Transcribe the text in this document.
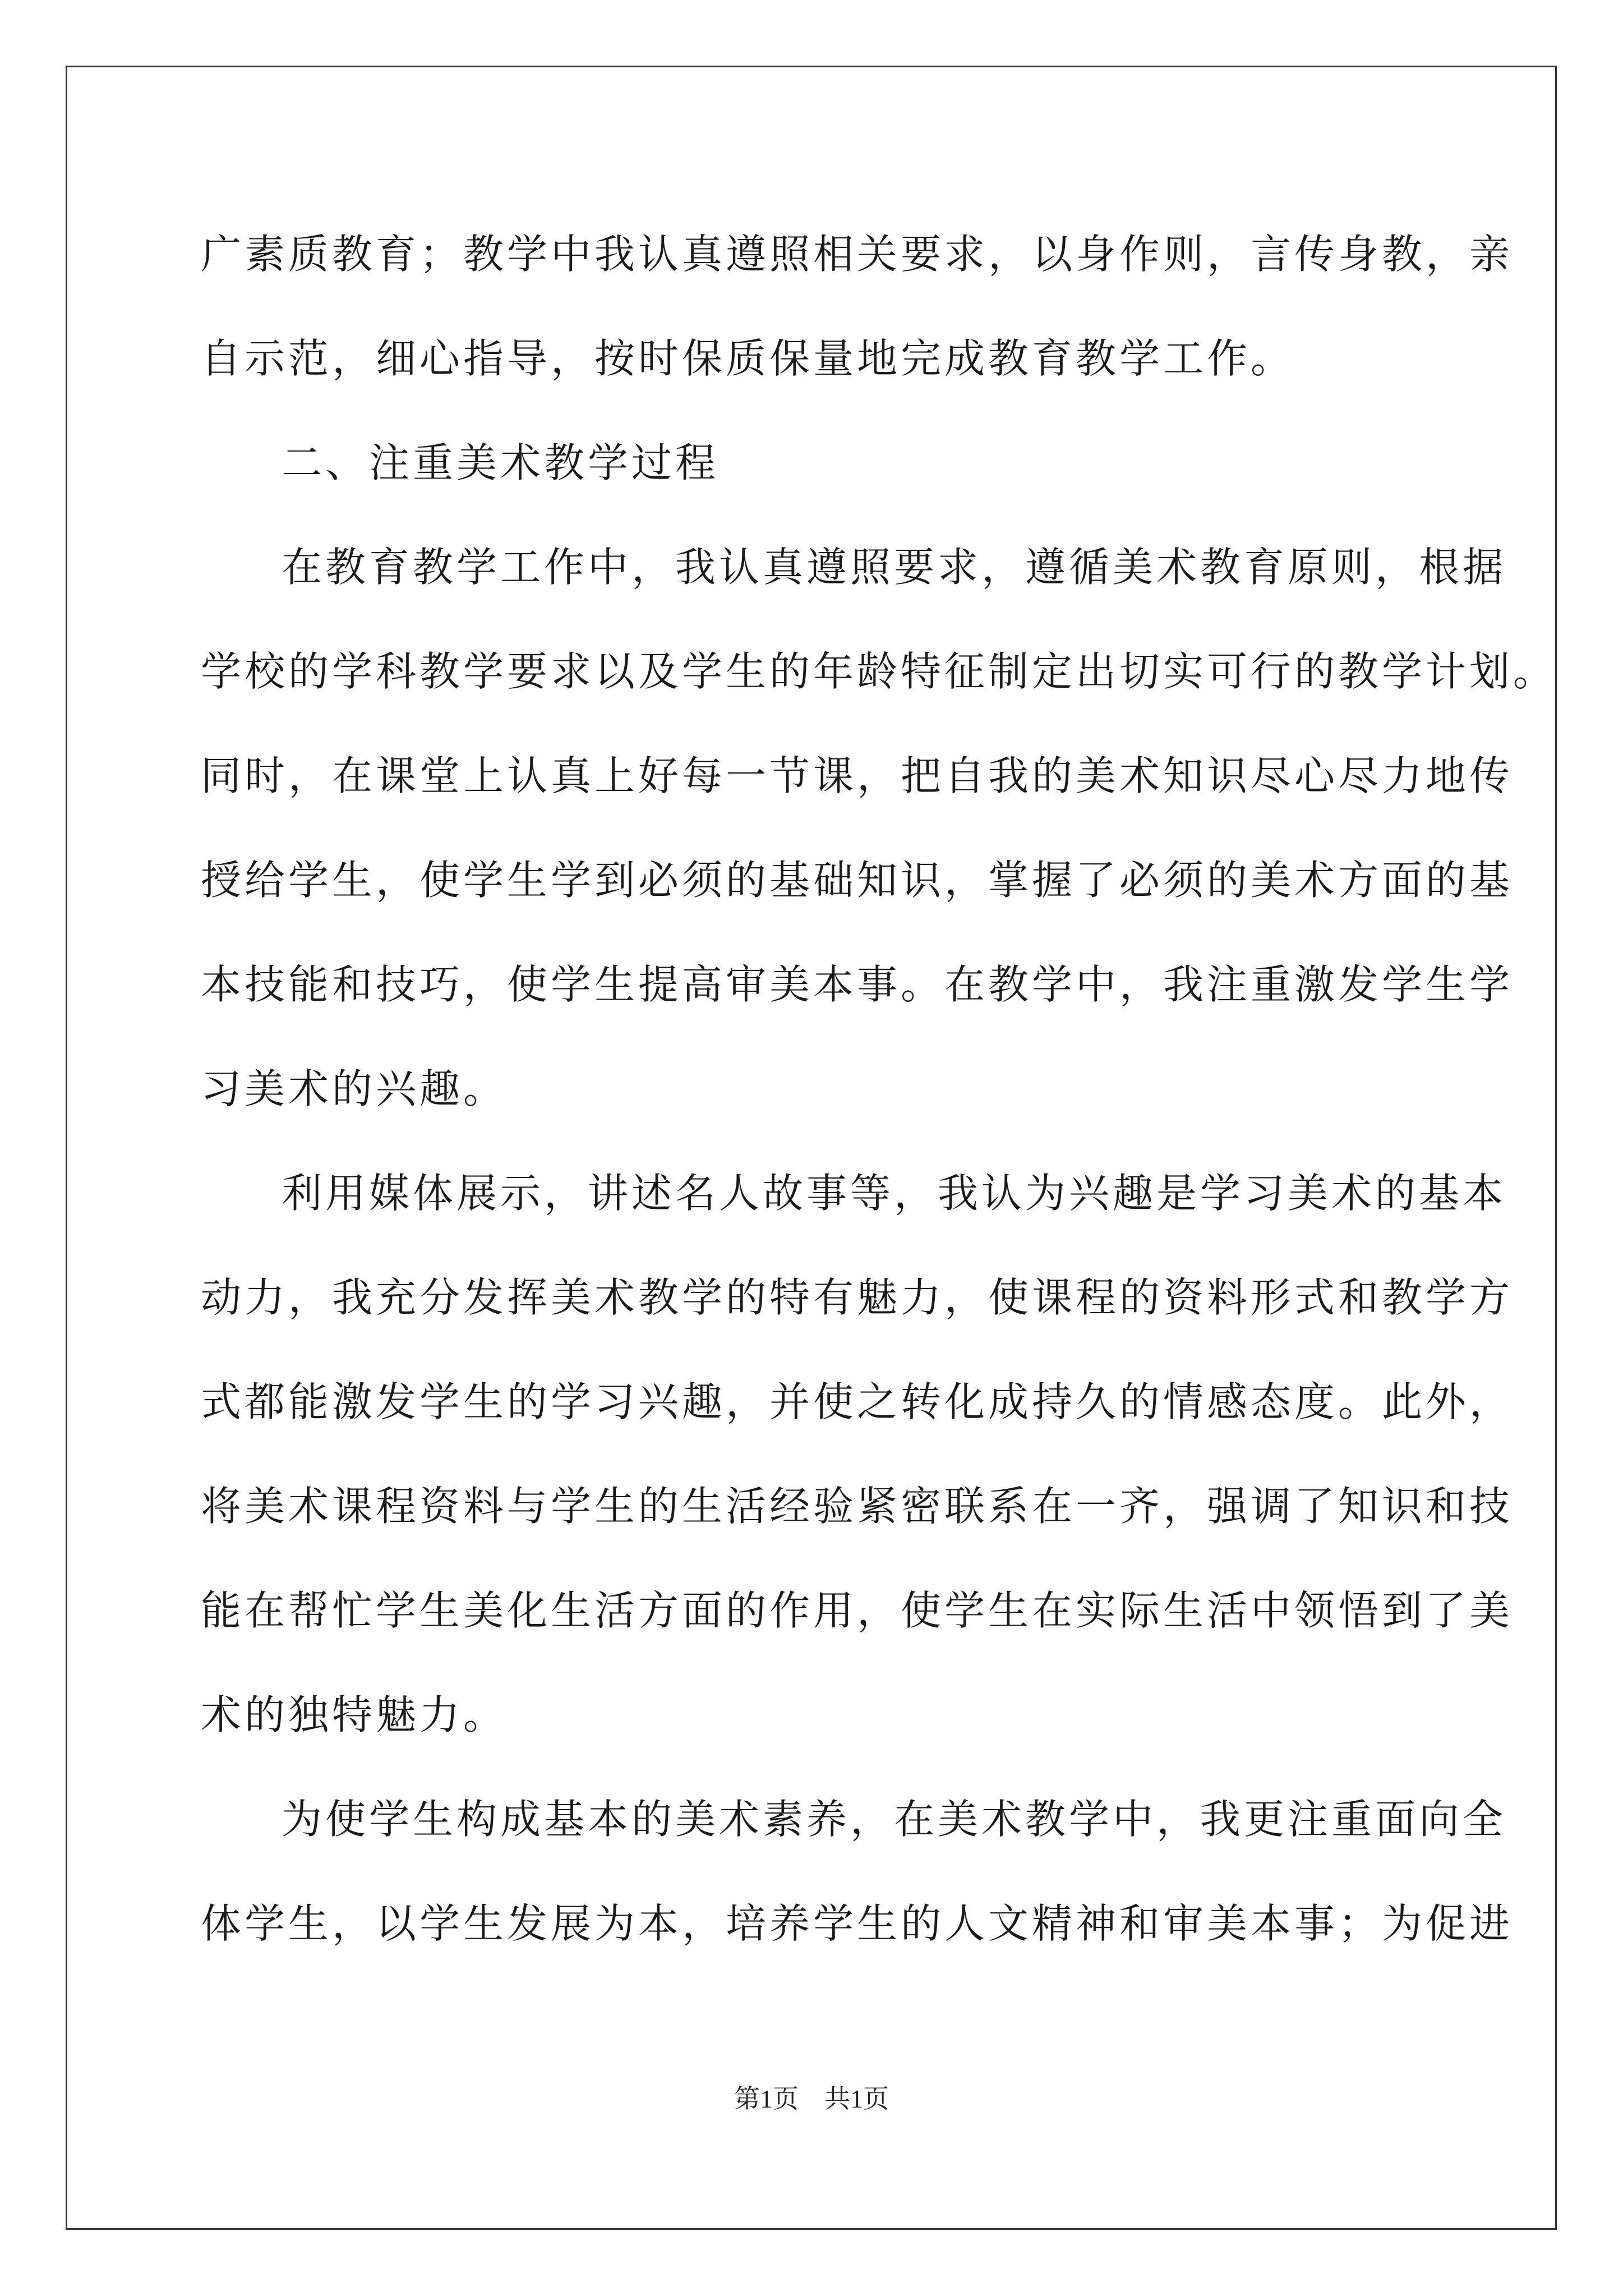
广素质教育；教学中我认真遵照相关要求，以身作则，言传身教，亲
自示范，细心指导，按时保质保量地完成教育教学工作。
二、注重美术教学过程
在教育教学工作中，我认真遵照要求，遵循美术教育原则，根据
学校的学科教学要求以及学生的年龄特征制定出切实可行的教学计划。
同时，在课堂上认真上好每一节课，把自我的美术知识尽心尽力地传
授给学生，使学生学到必须的基础知识，掌握了必须的美术方面的基
本技能和技巧，使学生提高审美本事。在教学中，我注重激发学生学
习美术的兴趣。
利用媒体展示，讲述名人故事等，我认为兴趣是学习美术的基本
动力，我充分发挥美术教学的特有魅力，使课程的资料形式和教学方
式都能激发学生的学习兴趣，并使之转化成持久的情感态度。此外，
将美术课程资料与学生的生活经验紧密联系在一齐，强调了知识和技
能在帮忙学生美化生活方面的作用，使学生在实际生活中领悟到了美
术的独特魅力。
为使学生构成基本的美术素养，在美术教学中，我更注重面向全
体学生，以学生发展为本，培养学生的人文精神和审美本事；为促进
第1页　共1页
